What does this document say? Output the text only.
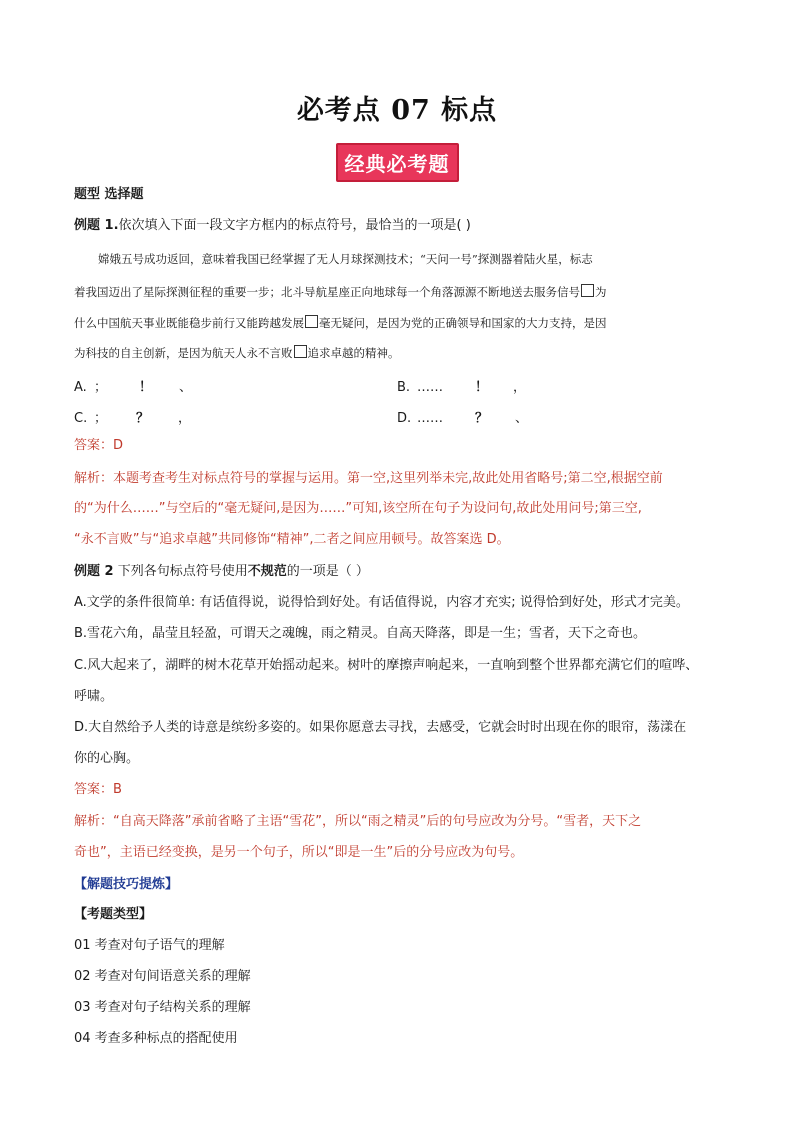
必考点 07 标点
经典必考题
题型 选择题
例题 1.依次填入下面一段文字方框内的标点符号，最恰当的一项是( )
嫦娥五号成功返回，意味着我国已经掌握了无人月球探测技术；“天问一号”探测器着陆火星，标志
着我国迈出了星际探测征程的重要一步；北斗导航星座正向地球每一个角落源源不断地送去服务信号 为
什么中国航天事业既能稳步前行又能跨越发展 毫无疑问，是因为党的正确领导和国家的大力支持，是因
为科技的自主创新，是因为航天人永不言败 追求卓越的精神。
A. ； ！ 、	B. …… ！ ，
C. ； ？ ，	D. …… ？ 、
答案：D
解析：本题考查考生对标点符号的掌握与运用。第一空,这里列举未完,故此处用省略号;第二空,根据空前
的“为什么……”与空后的“毫无疑问,是因为……”可知,该空所在句子为设问句,故此处用问号;第三空,
“永不言败”与“追求卓越”共同修饰“精神”,二者之间应用顿号。故答案选 D。
例题 2 下列各句标点符号使用不规范的一项是（ ）
A.文学的条件很简单: 有话值得说，说得恰到好处。有话值得说，内容才充实; 说得恰到好处，形式才完美。
B.雪花六角，晶莹且轻盈，可谓天之魂魄，雨之精灵。自高天降落，即是一生；雪者，天下之奇也。
C.风大起来了，湖畔的树木花草开始摇动起来。树叶的摩擦声响起来，一直响到整个世界都充满它们的喧哗、
呼啸。
D.大自然给予人类的诗意是缤纷多姿的。如果你愿意去寻找，去感受，它就会时时出现在你的眼帘，荡漾在
你的心胸。
答案：B
解析：“自高天降落”承前省略了主语“雪花”，所以“雨之精灵”后的句号应改为分号。“雪者，天下之
奇也”，主语已经变换，是另一个句子，所以“即是一生”后的分号应改为句号。
【解题技巧提炼】
【考题类型】
01 考查对句子语气的理解
02 考查对句间语意关系的理解
03 考查对句子结构关系的理解
04 考查多种标点的搭配使用
